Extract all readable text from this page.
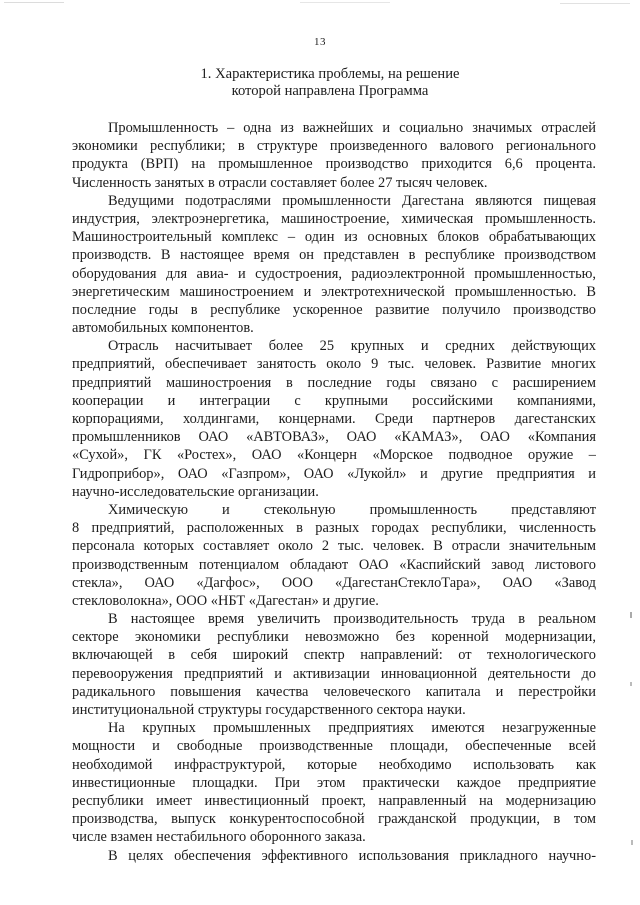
13
1. Характеристика проблемы, на решение
которой направлена Программа
Промышленность – одна из важнейших и социально значимых отраслей
экономики республики; в структуре произведенного валового регионального
продукта (ВРП) на промышленное производство приходится 6,6 процента.
Численность занятых в отрасли составляет более 27 тысяч человек.
Ведущими подотраслями промышленности Дагестана являются пищевая
индустрия, электроэнергетика, машиностроение, химическая промышленность.
Машиностроительный комплекс – один из основных блоков обрабатывающих
производств. В настоящее время он представлен в республике производством
оборудования для авиа- и судостроения, радиоэлектронной промышленностью,
энергетическим машиностроением и электротехнической промышленностью. В
последние годы в республике ускоренное развитие получило производство
автомобильных компонентов.
Отрасль насчитывает более 25 крупных и средних действующих
предприятий, обеспечивает занятость около 9 тыс. человек. Развитие многих
предприятий машиностроения в последние годы связано с расширением
кооперации и интеграции с крупными российскими компаниями,
корпорациями, холдингами, концернами. Среди партнеров дагестанских
промышленников ОАО «АВТОВАЗ», ОАО «КАМАЗ», ОАО «Компания
«Сухой», ГК «Ростех», ОАО «Концерн «Морское подводное оружие –
Гидроприбор», ОАО «Газпром», ОАО «Лукойл» и другие предприятия и
научно-исследовательские организации.
Химическую и стекольную промышленность представляют
8 предприятий, расположенных в разных городах республики, численность
персонала которых составляет около 2 тыс. человек. В отрасли значительным
производственным потенциалом обладают ОАО «Каспийский завод листового
стекла», ОАО «Дагфос», ООО «ДагестанСтеклоТара», ОАО «Завод
стекловолокна», ООО «НБТ «Дагестан» и другие.
В настоящее время увеличить производительность труда в реальном
секторе экономики республики невозможно без коренной модернизации,
включающей в себя широкий спектр направлений: от технологического
перевооружения предприятий и активизации инновационной деятельности до
радикального повышения качества человеческого капитала и перестройки
институциональной структуры государственного сектора науки.
На крупных промышленных предприятиях имеются незагруженные
мощности и свободные производственные площади, обеспеченные всей
необходимой инфраструктурой, которые необходимо использовать как
инвестиционные площадки. При этом практически каждое предприятие
республики имеет инвестиционный проект, направленный на модернизацию
производства, выпуск конкурентоспособной гражданской продукции, в том
числе взамен нестабильного оборонного заказа.
В целях обеспечения эффективного использования прикладного научно-
